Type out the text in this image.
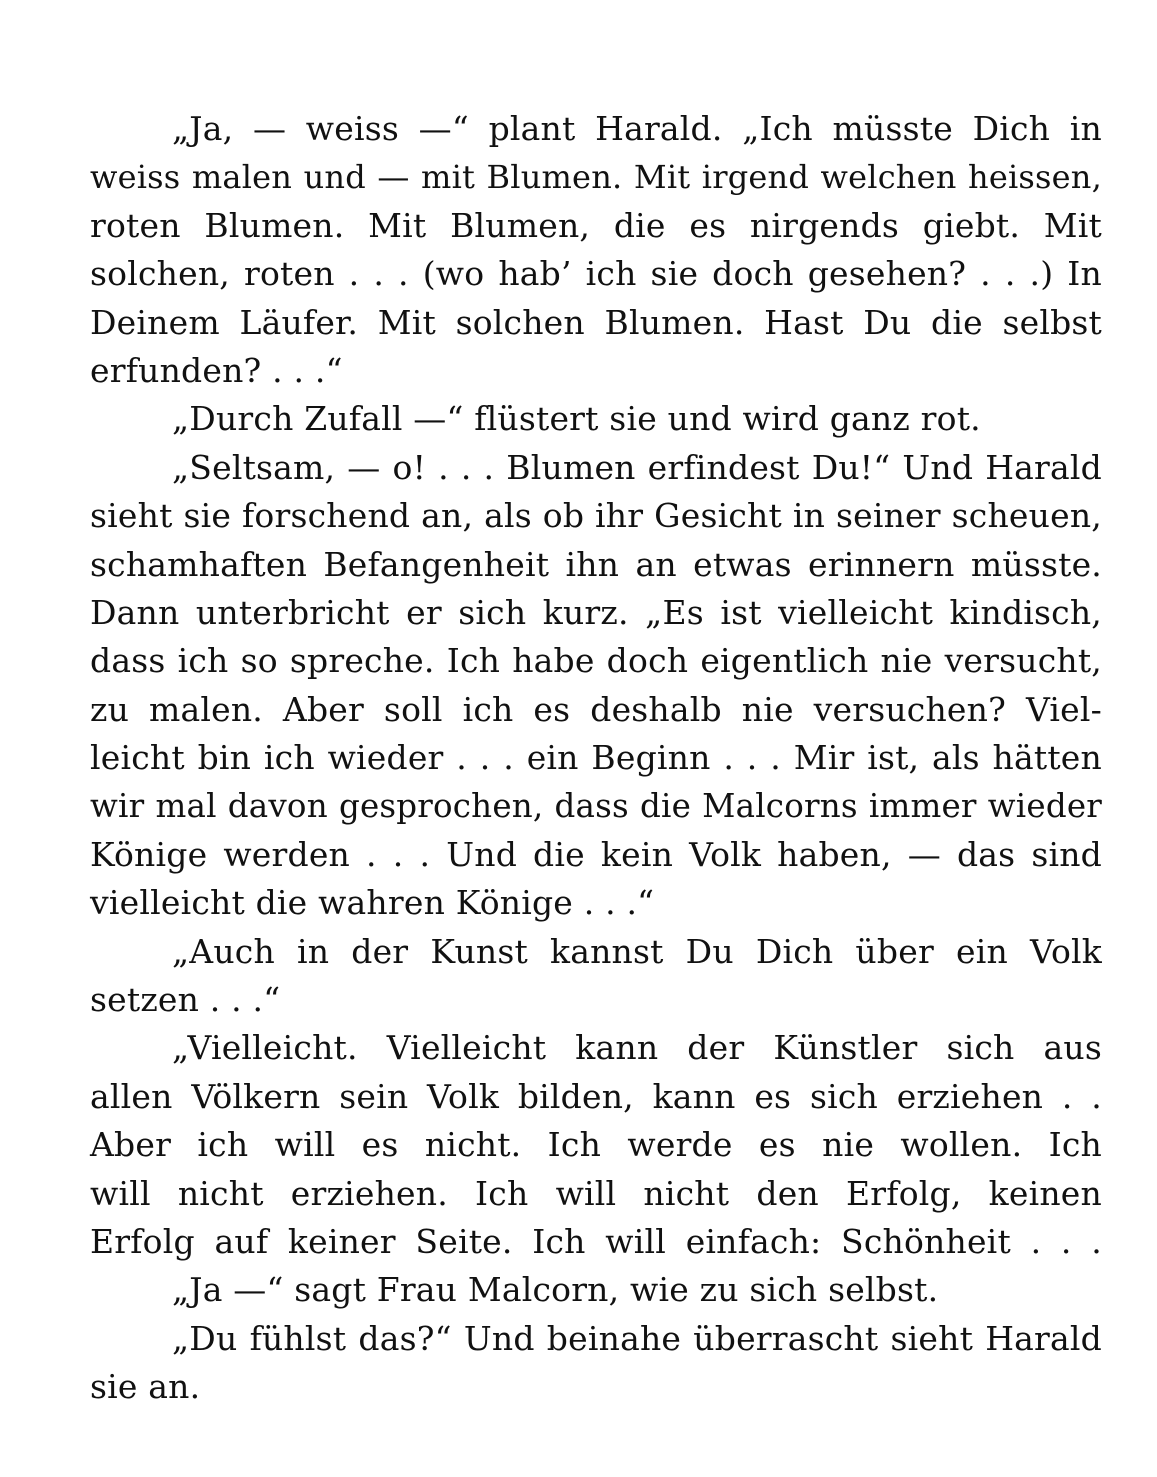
„Ja, — weiss —“ plant Harald. „Ich müsste Dich in
weiss malen und — mit Blumen. Mit irgend welchen heissen,
roten Blumen. Mit Blumen, die es nirgends giebt. Mit
solchen, roten . . . (wo hab’ ich sie doch gesehen? . . .) In
Deinem Läufer. Mit solchen Blumen. Hast Du die selbst
erfunden? . . .“
„Durch Zufall —“ flüstert sie und wird ganz rot.
„Seltsam, — o! . . . Blumen erfindest Du!“ Und Harald
sieht sie forschend an, als ob ihr Gesicht in seiner scheuen,
schamhaften Befangenheit ihn an etwas erinnern müsste.
Dann unterbricht er sich kurz. „Es ist vielleicht kindisch,
dass ich so spreche. Ich habe doch eigentlich nie versucht,
zu malen. Aber soll ich es deshalb nie versuchen? Viel-
leicht bin ich wieder . . . ein Beginn . . . Mir ist, als hätten
wir mal davon gesprochen, dass die Malcorns immer wieder
Könige werden . . . Und die kein Volk haben, — das sind
vielleicht die wahren Könige . . .“
„Auch in der Kunst kannst Du Dich über ein Volk
setzen . . .“
„Vielleicht. Vielleicht kann der Künstler sich aus
allen Völkern sein Volk bilden, kann es sich erziehen . .
Aber ich will es nicht. Ich werde es nie wollen. Ich
will nicht erziehen. Ich will nicht den Erfolg, keinen
Erfolg auf keiner Seite. Ich will einfach: Schönheit . . .
„Ja —“ sagt Frau Malcorn, wie zu sich selbst.
„Du fühlst das?“ Und beinahe überrascht sieht Harald
sie an.
